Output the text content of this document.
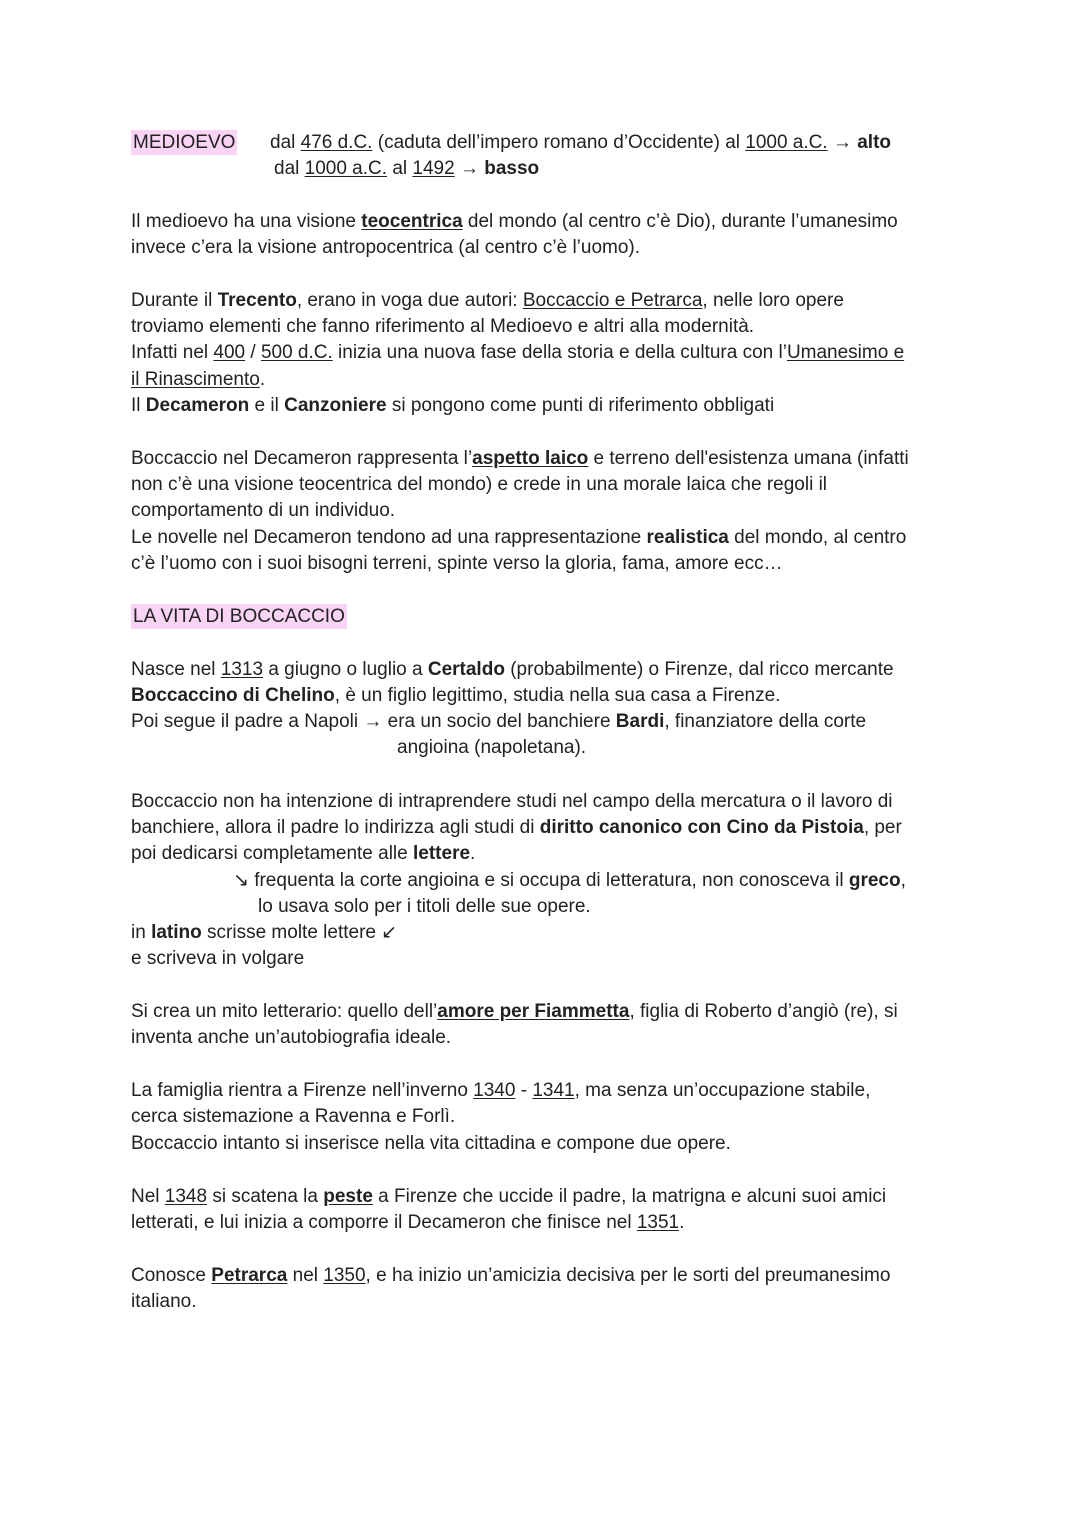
MEDIOEVO dal 476 d.C. (caduta dell’impero romano d’Occidente) al 1000 a.C. → alto
dal 1000 a.C. al 1492 → basso
Il medioevo ha una visione teocentrica del mondo (al centro c’è Dio), durante l’umanesimo
invece c’era la visione antropocentrica (al centro c’è l’uomo).
Durante il Trecento, erano in voga due autori: Boccaccio e Petrarca, nelle loro opere
troviamo elementi che fanno riferimento al Medioevo e altri alla modernità.
Infatti nel 400 / 500 d.C. inizia una nuova fase della storia e della cultura con l’Umanesimo e
il Rinascimento.
Il Decameron e il Canzoniere si pongono come punti di riferimento obbligati
Boccaccio nel Decameron rappresenta l’aspetto laico e terreno dell'esistenza umana (infatti
non c’è una visione teocentrica del mondo) e crede in una morale laica che regoli il
comportamento di un individuo.
Le novelle nel Decameron tendono ad una rappresentazione realistica del mondo, al centro
c’è l’uomo con i suoi bisogni terreni, spinte verso la gloria, fama, amore ecc…
LA VITA DI BOCCACCIO
Nasce nel 1313 a giugno o luglio a Certaldo (probabilmente) o Firenze, dal ricco mercante
Boccaccino di Chelino, è un figlio legittimo, studia nella sua casa a Firenze.
Poi segue il padre a Napoli → era un socio del banchiere Bardi, finanziatore della corte
angioina (napoletana).
Boccaccio non ha intenzione di intraprendere studi nel campo della mercatura o il lavoro di
banchiere, allora il padre lo indirizza agli studi di diritto canonico con Cino da Pistoia, per
poi dedicarsi completamente alle lettere.
↘ frequenta la corte angioina e si occupa di letteratura, non conosceva il greco,
lo usava solo per i titoli delle sue opere.
in latino scrisse molte lettere ↙
e scriveva in volgare
Si crea un mito letterario: quello dell’amore per Fiammetta, figlia di Roberto d’angiò (re), si
inventa anche un’autobiografia ideale.
La famiglia rientra a Firenze nell’inverno 1340 - 1341, ma senza un’occupazione stabile,
cerca sistemazione a Ravenna e Forlì.
Boccaccio intanto si inserisce nella vita cittadina e compone due opere.
Nel 1348 si scatena la peste a Firenze che uccide il padre, la matrigna e alcuni suoi amici
letterati, e lui inizia a comporre il Decameron che finisce nel 1351.
Conosce Petrarca nel 1350, e ha inizio un’amicizia decisiva per le sorti del preumanesimo
italiano.
